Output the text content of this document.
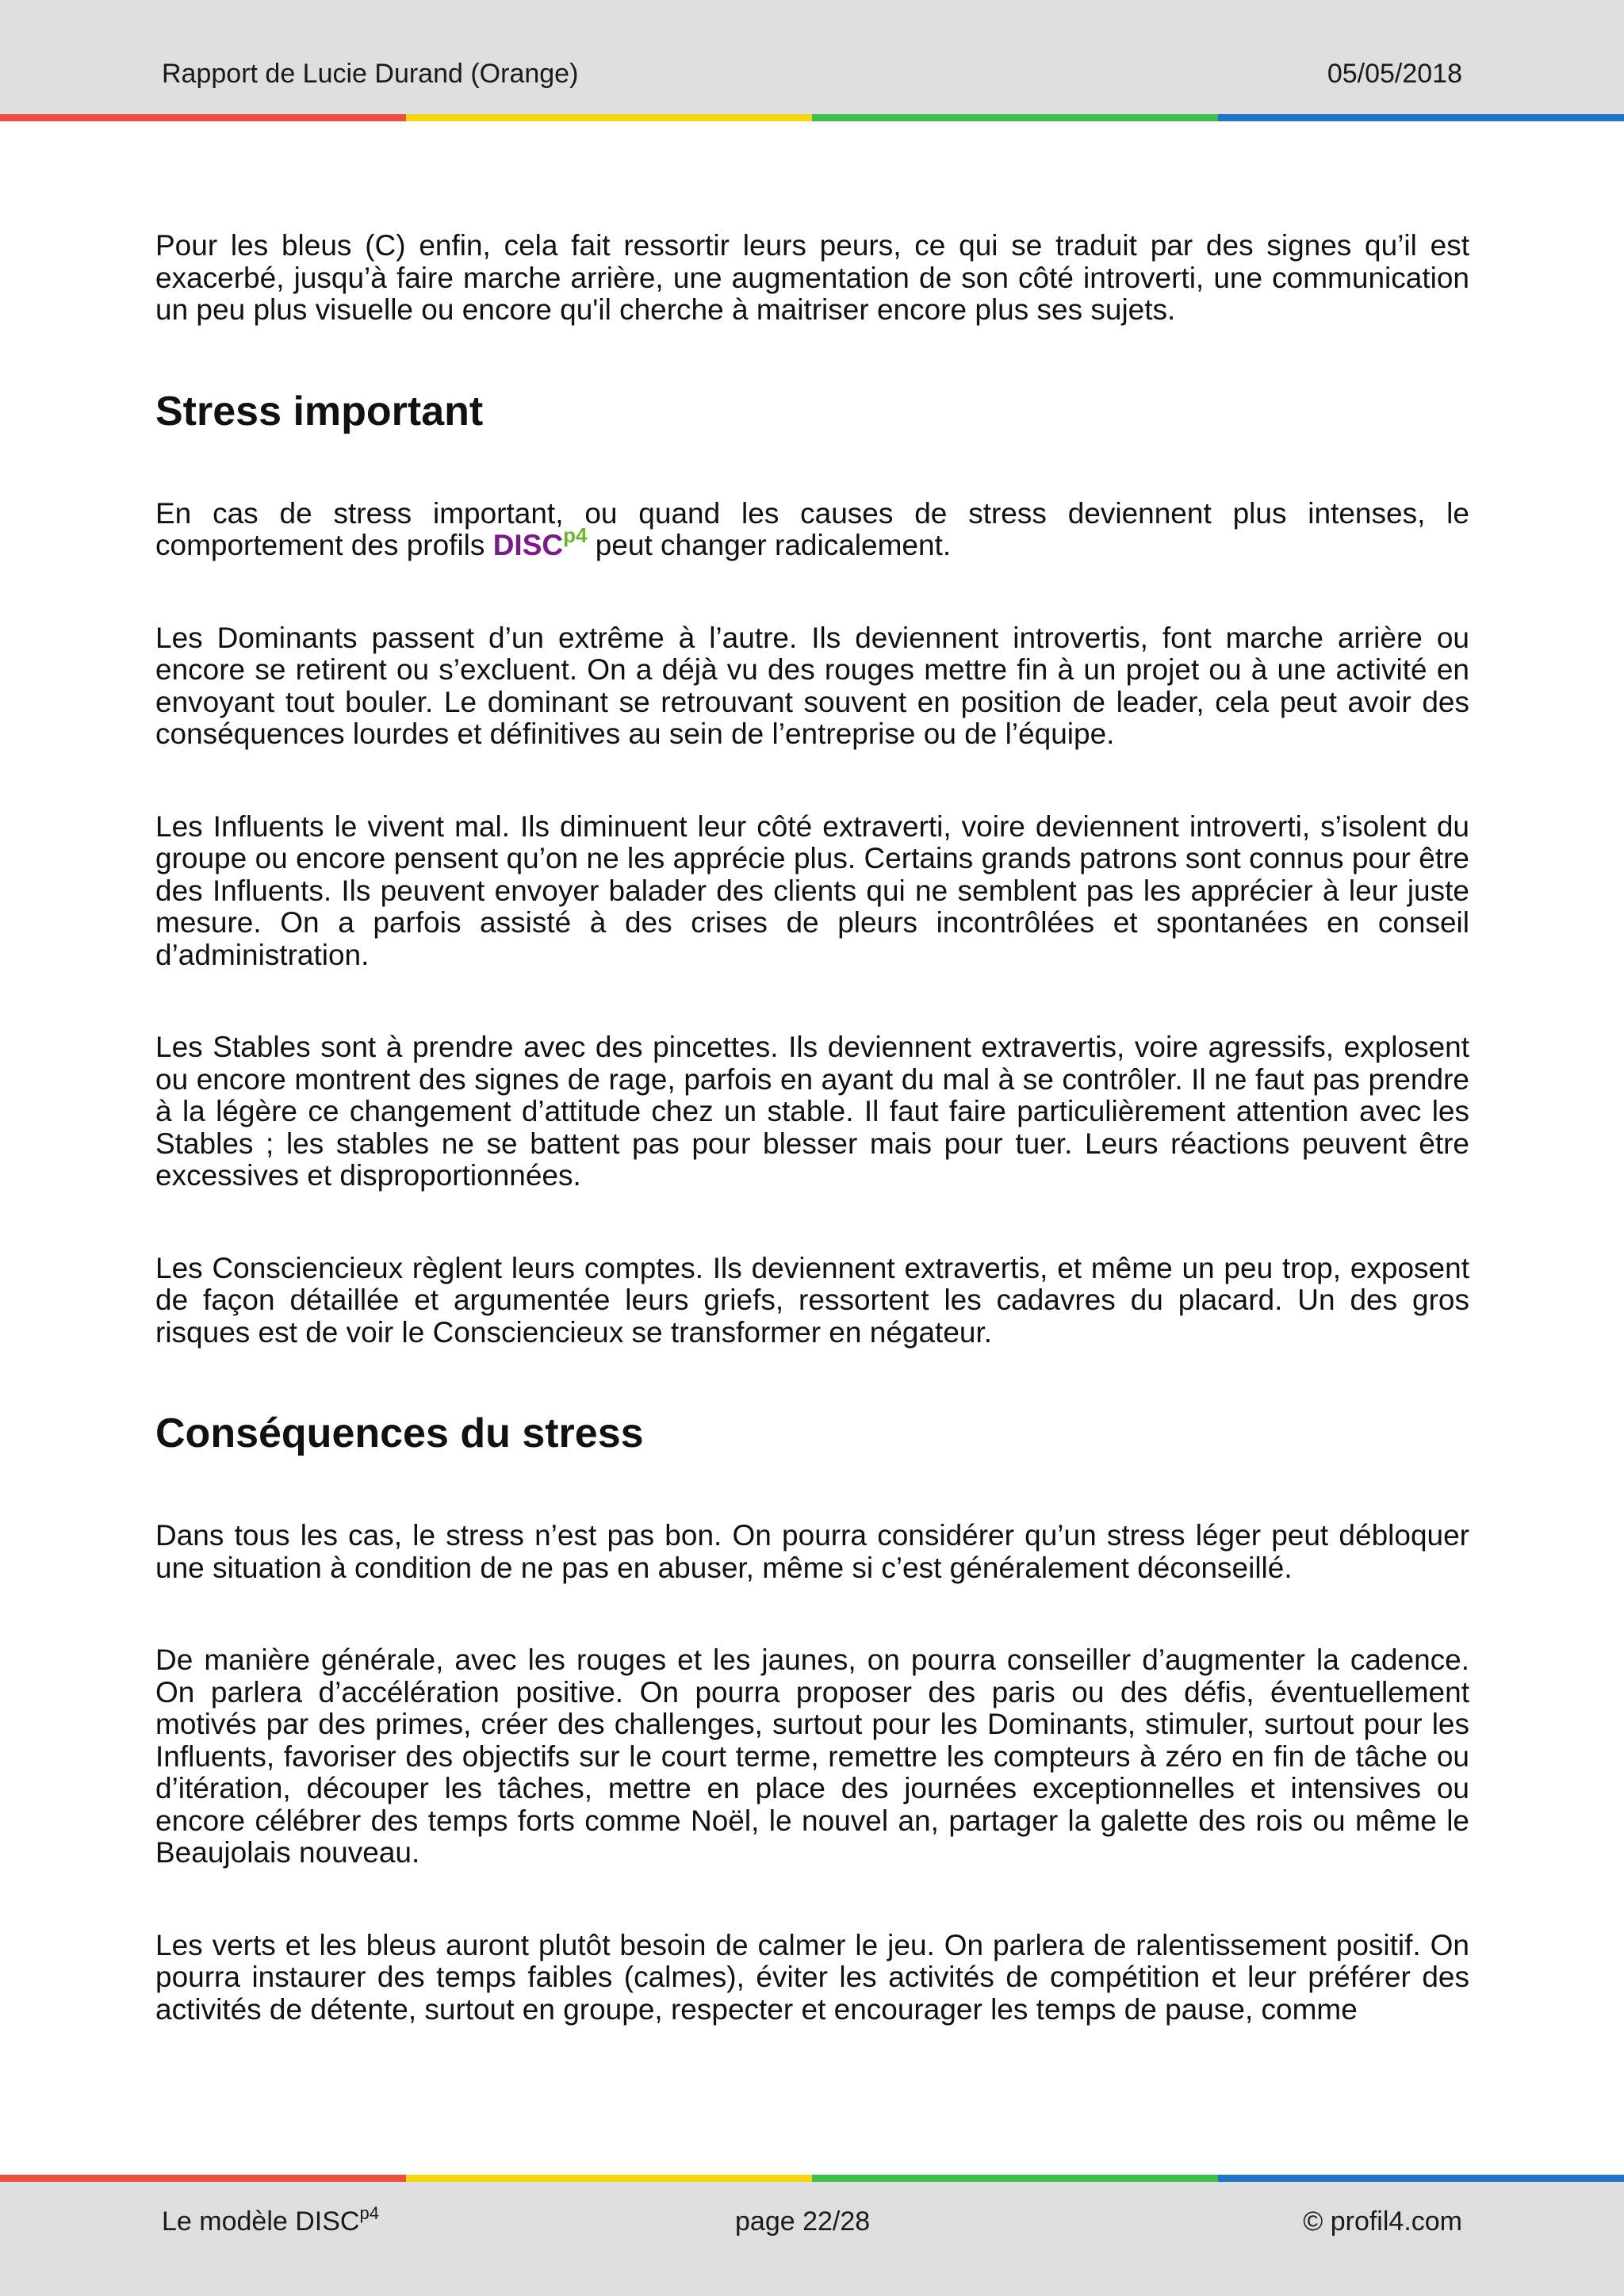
Rapport de Lucie Durand (Orange)	05/05/2018

Pour les bleus (C) enfin, cela fait ressortir leurs peurs, ce qui se traduit par des signes qu’il est exacerbé, jusqu’à faire marche arrière, une augmentation de son côté introverti, une communication un peu plus visuelle ou encore qu'il cherche à maitriser encore plus ses sujets.

Stress important

En cas de stress important, ou quand les causes de stress deviennent plus intenses, le comportement des profils $DISC^{p4}$ peut changer radicalement.

Les Dominants passent d’un extrême à l’autre. Ils deviennent introvertis, font marche arrière ou encore se retirent ou s’excluent. On a déjà vu des rouges mettre fin à un projet ou à une activité en envoyant tout bouler. Le dominant se retrouvant souvent en position de leader, cela peut avoir des conséquences lourdes et définitives au sein de l’entreprise ou de l’équipe.

Les Influents le vivent mal. Ils diminuent leur côté extraverti, voire deviennent introverti, s’isolent du groupe ou encore pensent qu’on ne les apprécie plus. Certains grands patrons sont connus pour être des Influents. Ils peuvent envoyer balader des clients qui ne semblent pas les apprécier à leur juste mesure. On a parfois assisté à des crises de pleurs incontrôlées et spontanées en conseil d’administration.

Les Stables sont à prendre avec des pincettes. Ils deviennent extravertis, voire agressifs, explosent ou encore montrent des signes de rage, parfois en ayant du mal à se contrôler. Il ne faut pas prendre à la légère ce changement d’attitude chez un stable. Il faut faire particulièrement attention avec les Stables ; les stables ne se battent pas pour blesser mais pour tuer. Leurs réactions peuvent être excessives et disproportionnées.

Les Consciencieux règlent leurs comptes. Ils deviennent extravertis, et même un peu trop, exposent de façon détaillée et argumentée leurs griefs, ressortent les cadavres du placard. Un des gros risques est de voir le Consciencieux se transformer en négateur.

Conséquences du stress

Dans tous les cas, le stress n’est pas bon. On pourra considérer qu’un stress léger peut débloquer une situation à condition de ne pas en abuser, même si c’est généralement déconseillé.

De manière générale, avec les rouges et les jaunes, on pourra conseiller d’augmenter la cadence. On parlera d’accélération positive. On pourra proposer des paris ou des défis, éventuellement motivés par des primes, créer des challenges, surtout pour les Dominants, stimuler, surtout pour les Influents, favoriser des objectifs sur le court terme, remettre les compteurs à zéro en fin de tâche ou d’itération, découper les tâches, mettre en place des journées exceptionnelles et intensives ou encore célébrer des temps forts comme Noël, le nouvel an, partager la galette des rois ou même le Beaujolais nouveau.

Les verts et les bleus auront plutôt besoin de calmer le jeu. On parlera de ralentissement positif. On pourra instaurer des temps faibles (calmes), éviter les activités de compétition et leur préférer des activités de détente, surtout en groupe, respecter et encourager les temps de pause, comme

Le modèle $DISC^{p4}$	page 22/28	© profil4.com
